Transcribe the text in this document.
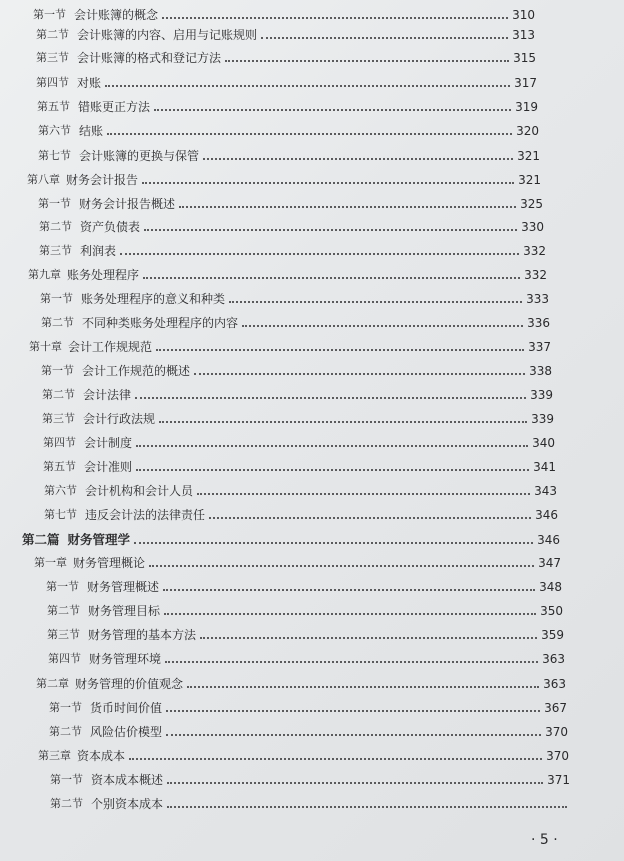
第一节 会计账簿的概念	310
第二节 会计账簿的内容、启用与记账规则	313
第三节 会计账簿的格式和登记方法	315
第四节 对账	317
第五节 错账更正方法	319
第六节 结账	320
第七节 会计账簿的更换与保管	321
第八章 财务会计报告	321
第一节 财务会计报告概述	325
第二节 资产负债表	330
第三节 利润表	332
第九章 账务处理程序	332
第一节 账务处理程序的意义和种类	333
第二节 不同种类账务处理程序的内容	336
第十章 会计工作规规范	337
第一节 会计工作规范的概述	338
第二节 会计法律	339
第三节 会计行政法规	339
第四节 会计制度	340
第五节 会计准则	341
第六节 会计机构和会计人员	343
第七节 违反会计法的法律责任	346
第二篇 财务管理学	346
第一章 财务管理概论	347
第一节 财务管理概述	348
第二节 财务管理目标	350
第三节 财务管理的基本方法	359
第四节 财务管理环境	363
第二章 财务管理的价值观念	363
第一节 货币时间价值	367
第二节 风险估价模型	370
第三章 资本成本	370
第一节 资本成本概述	371
第二节 个别资本成本
· 5 ·
